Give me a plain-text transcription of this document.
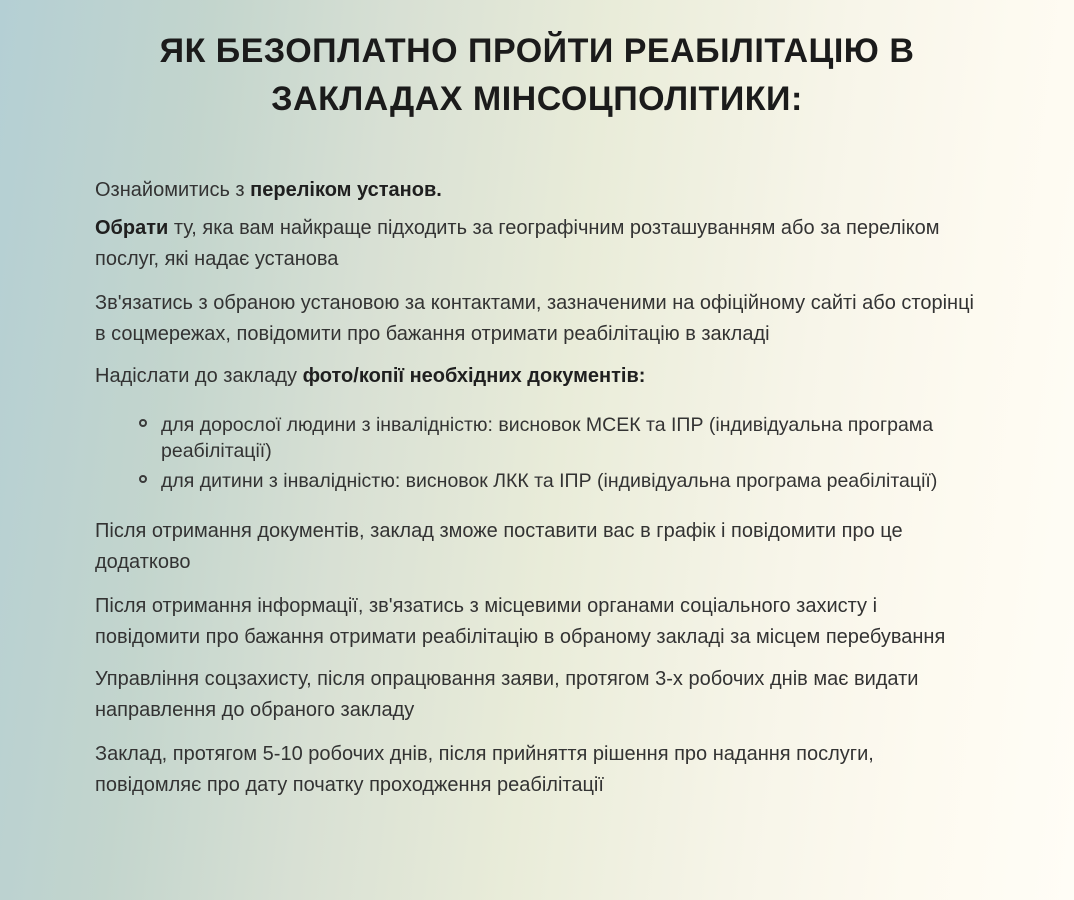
ЯК БЕЗОПЛАТНО ПРОЙТИ РЕАБІЛІТАЦІЮ В
ЗАКЛАДАХ МІНСОЦПОЛІТИКИ:

Ознайомитись з переліком установ.

Обрати ту, яка вам найкраще підходить за географічним розташуванням або за переліком послуг, які надає установа

Зв'язатись з обраною установою за контактами, зазначеними на офіційному сайті або сторінці в соцмережах, повідомити про бажання отримати реабілітацію в закладі

Надіслати до закладу фото/копії необхідних документів:

для дорослої людини з інвалідністю: висновок МСЕК та ІПР (індивідуальна програма реабілітації)
для дитини з інвалідністю: висновок ЛКК та ІПР (індивідуальна програма реабілітації)

Після отримання документів, заклад зможе поставити вас в графік і повідомити про це додатково

Після отримання інформації, зв'язатись з місцевими органами соціального захисту і повідомити про бажання отримати реабілітацію в обраному закладі за місцем перебування

Управління соцзахисту, після опрацювання заяви, протягом 3-х робочих днів має видати направлення до обраного закладу

Заклад, протягом 5-10 робочих днів, після прийняття рішення про надання послуги, повідомляє про дату початку проходження реабілітації
